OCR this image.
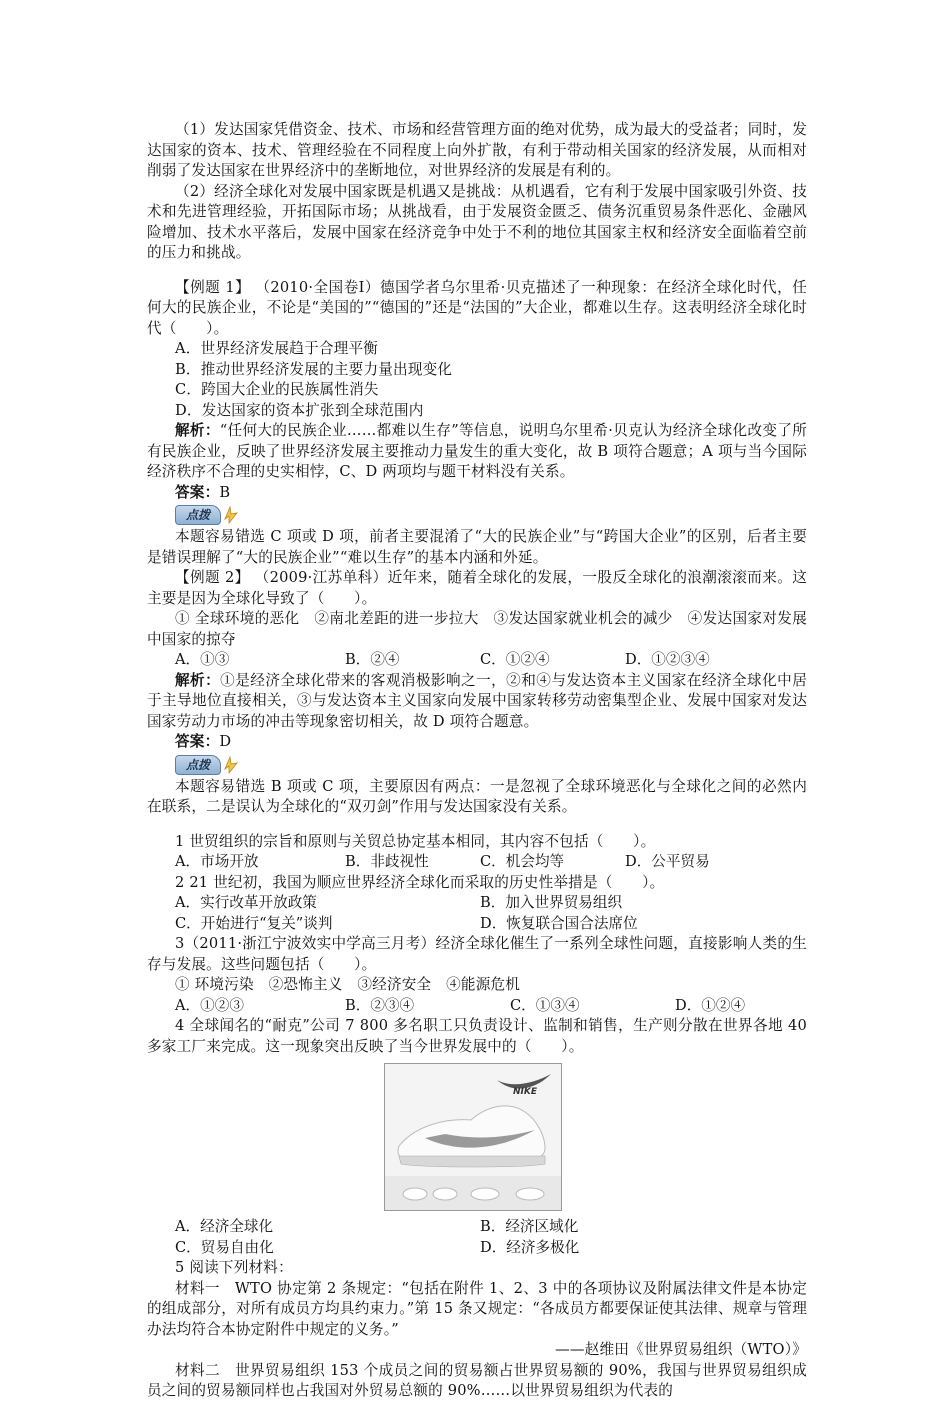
（1）发达国家凭借资金、技术、市场和经营管理方面的绝对优势，成为最大的受益者；同时，发达国家的资本、技术、管理经验在不同程度上向外扩散，有利于带动相关国家的经济发展，从而相对削弱了发达国家在世界经济中的垄断地位，对世界经济的发展是有利的。

（2）经济全球化对发展中国家既是机遇又是挑战：从机遇看，它有利于发展中国家吸引外资、技术和先进管理经验，开拓国际市场；从挑战看，由于发展资金匮乏、债务沉重贸易条件恶化、金融风险增加、技术水平落后，发展中国家在经济竞争中处于不利的地位其国家主权和经济安全面临着空前的压力和挑战。

【例题 1】 （2010·全国卷Ⅰ）德国学者乌尔里希·贝克描述了一种现象：在经济全球化时代，任何大的民族企业，不论是“美国的”“德国的”还是“法国的”大企业，都难以生存。这表明经济全球化时代（　　）。

A．世界经济发展趋于合理平衡

B．推动世界经济发展的主要力量出现变化

C．跨国大企业的民族属性消失

D．发达国家的资本扩张到全球范围内

解析：“任何大的民族企业……都难以生存”等信息，说明乌尔里希·贝克认为经济全球化改变了所有民族企业，反映了世界经济发展主要推动力量发生的重大变化，故 B 项符合题意；A 项与当今国际经济秩序不合理的史实相悖，C、D 两项均与题干材料没有关系。

答案：B

点拨

本题容易错选 C 项或 D 项，前者主要混淆了“大的民族企业”与“跨国大企业”的区别，后者主要是错误理解了“大的民族企业”“难以生存”的基本内涵和外延。

【例题 2】 （2009·江苏单科）近年来，随着全球化的发展，一股反全球化的浪潮滚滚而来。这主要是因为全球化导致了（　　）。

① 全球环境的恶化　②南北差距的进一步拉大　③发达国家就业机会的减少　④发达国家对发展中国家的掠夺

A．①③	B．②④	C．①②④	D．①②③④

解析：①是经济全球化带来的客观消极影响之一，②和④与发达资本主义国家在经济全球化中居于主导地位直接相关，③与发达资本主义国家向发展中国家转移劳动密集型企业、发展中国家对发达国家劳动力市场的冲击等现象密切相关，故 D 项符合题意。

答案：D

点拨

本题容易错选 B 项或 C 项，主要原因有两点：一是忽视了全球环境恶化与全球化之间的必然内在联系，二是误认为全球化的“双刃剑”作用与发达国家没有关系。

1 世贸组织的宗旨和原则与关贸总协定基本相同，其内容不包括（　　）。

A．市场开放	B．非歧视性	C．机会均等	D．公平贸易

2 21 世纪初，我国为顺应世界经济全球化而采取的历史性举措是（　　）。

A．实行改革开放政策	B．加入世界贸易组织
C．开始进行“复关”谈判	D．恢复联合国合法席位

3（2011·浙江宁波效实中学高三月考）经济全球化催生了一系列全球性问题，直接影响人类的生存与发展。这些问题包括（　　）。

① 环境污染　②恐怖主义　③经济安全　④能源危机

A．①②③	B．②③④	C．①③④	D．①②④

4 全球闻名的“耐克”公司 7 800 多名职工只负责设计、监制和销售，生产则分散在世界各地 40 多家工厂来完成。这一现象突出反映了当今世界发展中的（　　）。

NIKE
A．经济全球化	B．经济区域化
C．贸易自由化	D．经济多极化

5 阅读下列材料：

材料一　WTO 协定第 2 条规定：“包括在附件 1、2、3 中的各项协议及附属法律文件是本协定的组成部分，对所有成员方均具约束力。”第 15 条又规定：“各成员方都要保证使其法律、规章与管理办法均符合本协定附件中规定的义务。”

——赵维田《世界贸易组织（WTO）》

材料二　世界贸易组织 153 个成员之间的贸易额占世界贸易额的 90%，我国与世界贸易组织成员之间的贸易额同样也占我国对外贸易总额的 90%……以世界贸易组织为代表的
